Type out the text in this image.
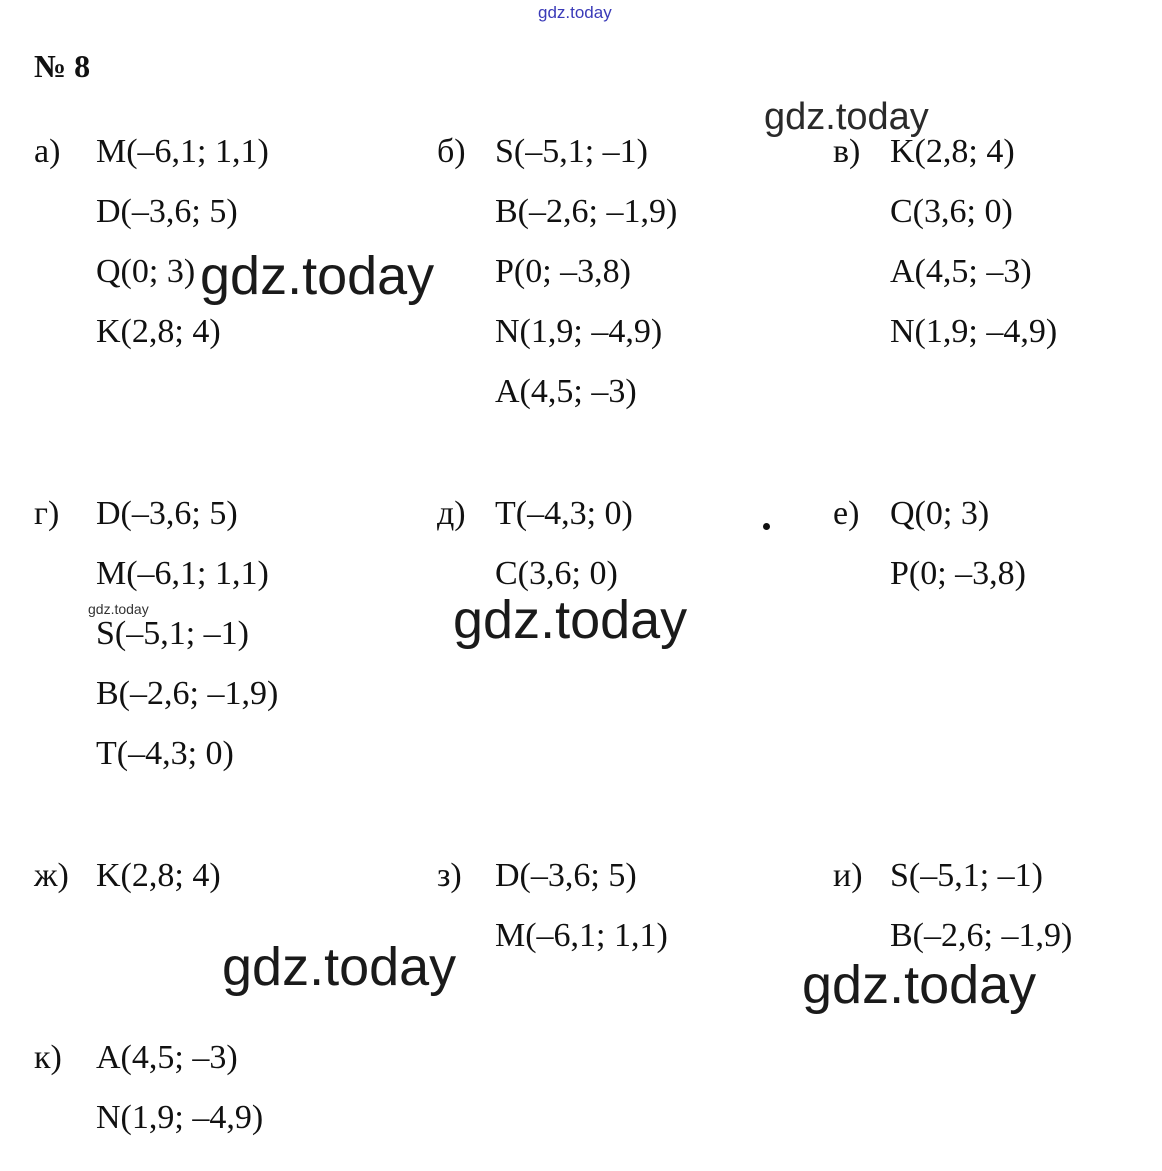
№ 8
а) M(–6,1; 1,1)
D(–3,6; 5)
Q(0; 3)
K(2,8; 4)
б) S(–5,1; –1)
B(–2,6; –1,9)
P(0; –3,8)
N(1,9; –4,9)
A(4,5; –3)
в) K(2,8; 4)
C(3,6; 0)
A(4,5; –3)
N(1,9; –4,9)
г) D(–3,6; 5)
M(–6,1; 1,1)
S(–5,1; –1)
B(–2,6; –1,9)
T(–4,3; 0)
д) T(–4,3; 0)
C(3,6; 0)
е) Q(0; 3)
P(0; –3,8)
ж) K(2,8; 4)	з) D(–3,6; 5)
M(–6,1; 1,1)
и) S(–5,1; –1)
B(–2,6; –1,9)
к) A(4,5; –3)
N(1,9; –4,9)
gdz.today
gdz.today
gdz.today
gdz.today	gdz.today
gdz.today	gdz.today
